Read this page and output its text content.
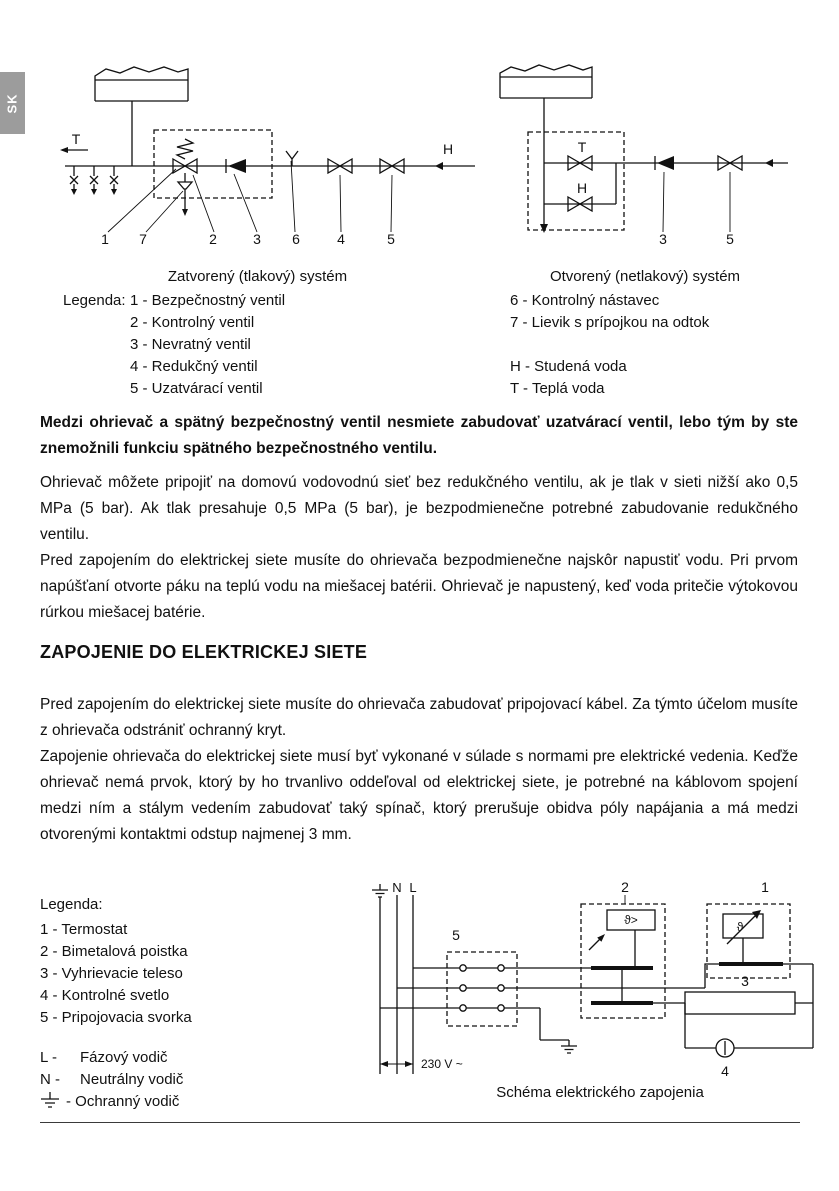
SK
T
H
1 7	2	3 6	4	5
T
H
3	5
Zatvorený (tlakový) systém	Otvorený (netlakový) systém
Legenda: 1 - Bezpečnostný ventil
2 - Kontrolný ventil
3 - Nevratný ventil
4 - Redukčný ventil
5 - Uzatvárací ventil
6 - Kontrolný nástavec
7 - Lievik s prípojkou na odtok
H - Studená voda
T - Teplá voda

Medzi ohrievač a spätný bezpečnostný ventil nesmiete zabudovať uzatvárací ventil, lebo tým by ste znemožnili funkciu spätného bezpečnostného ventilu.

Ohrievač môžete pripojiť na domovú vodovodnú sieť bez redukčného ventilu, ak je tlak v sieti nižší ako 0,5 MPa (5 bar). Ak tlak presahuje 0,5 MPa (5 bar), je bezpodmienečne potrebné zabudovanie redukčného ventilu.

Pred zapojením do elektrickej siete musíte do ohrievača bezpodmienečne najskôr napustiť vodu. Pri prvom napúšťaní otvorte páku na teplú vodu na miešacej batérii. Ohrievač je napustený, keď voda pritečie výtokovou rúrkou miešacej batérie.

ZAPOJENIE DO ELEKTRICKEJ SIETE

Pred zapojením do elektrickej siete musíte do ohrievača zabudovať pripojovací kábel. Za týmto účelom musíte z ohrievača odstrániť ochranný kryt.

Zapojenie ohrievača do elektrickej siete musí byť vykonané v súlade s normami pre elektrické vedenia. Keďže ohrievač nemá prvok, ktorý by ho trvanlivo oddeľoval od elektrickej siete, je potrebné na káblovom spojení medzi ním a stálym vedením zabudovať taký spínač, ktorý prerušuje obidva póly napájania a má medzi otvorenými kontaktmi odstup najmenej 3 mm.

Legenda:
1 - Termostat
2 - Bimetalová poistka
3 - Vyhrievacie teleso
4 - Kontrolné svetlo
5 - Pripojovacia svorka
L - Fázový vodič
N - Neutrálny vodič
- Ochranný vodič
N L
5
2
ϑ>
1
ϑ
3
4
230 V ~
Schéma elektrického zapojenia
